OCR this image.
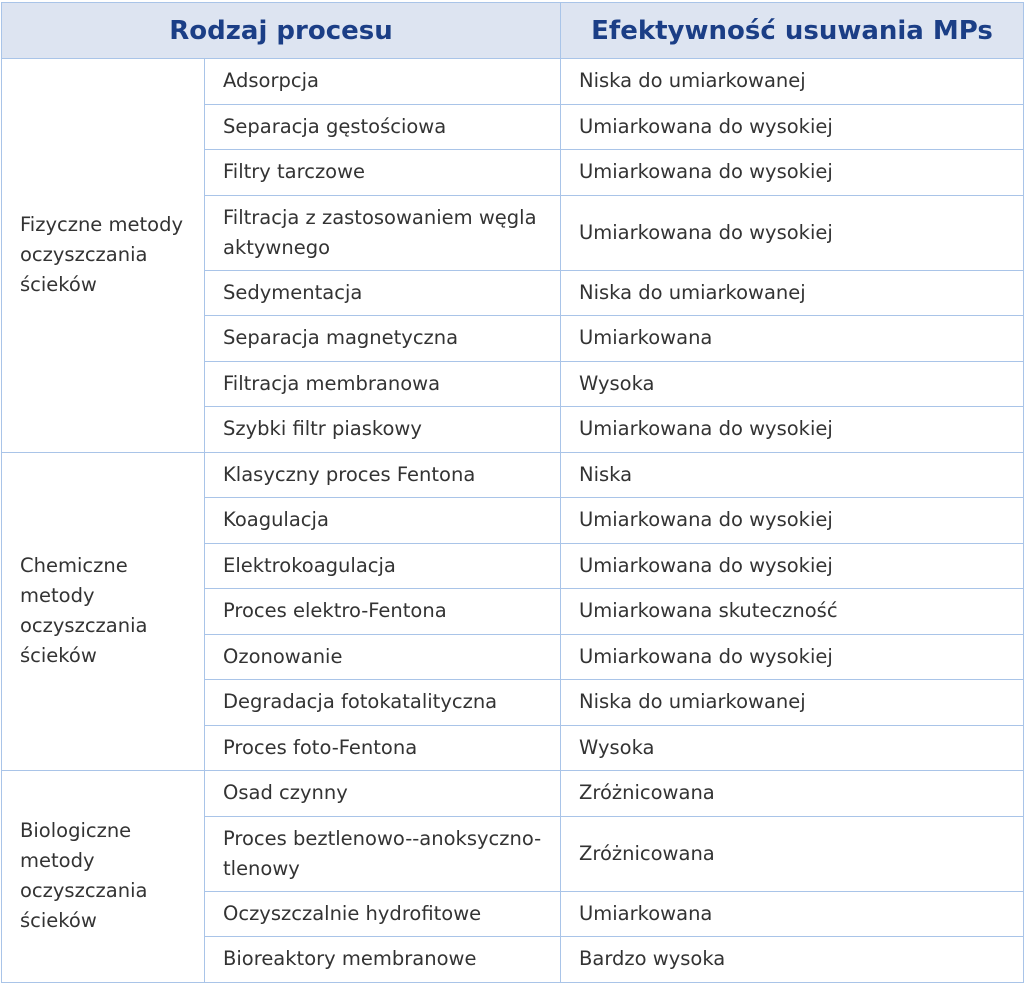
Rodzaj procesu		Efektywność usuwania MPs
Fizyczne metody oczyszczania ścieków	Adsorpcja	Niska do umiarkowanej
	Separacja gęstościowa	Umiarkowana do wysokiej
	Filtry tarczowe	Umiarkowana do wysokiej
	Filtracja z zastosowaniem węgla aktywnego	Umiarkowana do wysokiej
	Sedymentacja	Niska do umiarkowanej
	Separacja magnetyczna	Umiarkowana
	Filtracja membranowa	Wysoka
	Szybki filtr piaskowy	Umiarkowana do wysokiej
Chemiczne metody oczyszczania ścieków	Klasyczny proces Fentona	Niska
	Koagulacja	Umiarkowana do wysokiej
	Elektrokoagulacja	Umiarkowana do wysokiej
	Proces elektro-Fentona	Umiarkowana skuteczność
	Ozonowanie	Umiarkowana do wysokiej
	Degradacja fotokatalityczna	Niska do umiarkowanej
	Proces foto-Fentona	Wysoka
Biologiczne metody oczyszczania ścieków	Osad czynny	Zróżnicowana
	Proces beztlenowo--anoksyczno-tlenowy	Zróżnicowana
	Oczyszczalnie hydrofitowe	Umiarkowana
	Bioreaktory membranowe	Bardzo wysoka
